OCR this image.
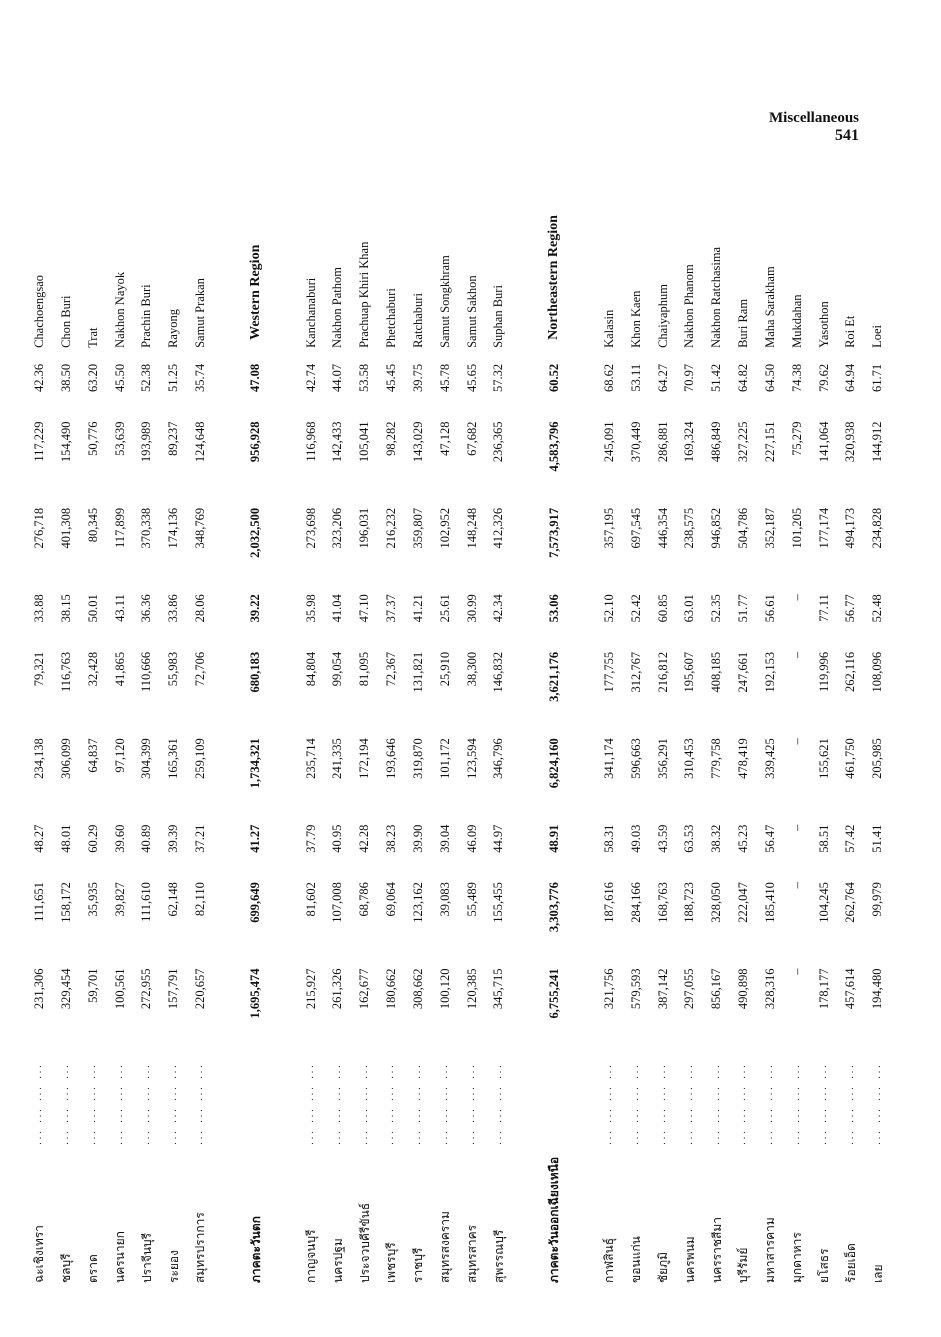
Miscellaneous
541
ฉะเชิงเทรา	... ... ... ...	231,306	111,651	48.27	234,138	79,321	33.88	276,718	117,229	42.36	Chachoengsao
ชลบุรี	... ... ... ...	329,454	158,172	48.01	306,099	116,763	38.15	401,308	154,490	38.50	Chon Buri
ตราด	... ... ... ...	59,701	35,935	60.29	64,837	32,428	50.01	80,345	50,776	63.20	Trat
นครนายก	... ... ... ...	100,561	39,827	39.60	97,120	41,865	43.11	117,899	53,639	45.50	Nakhon Nayok
ปราจีนบุรี	... ... ... ...	272,955	111,610	40.89	304,399	110,666	36.36	370,338	193,989	52.38	Prachin Buri
ระยอง	... ... ... ...	157,791	62,148	39.39	165,361	55,983	33.86	174,136	89,237	51.25	Rayong
สมุทรปราการ	... ... ... ...	220,657	82,110	37.21	259,109	72,706	28.06	348,769	124,648	35.74	Samut Prakan

ภาคตะวันตก		1,695,474	699,649	41.27	1,734,321	680,183	39.22	2,032,500	956,928	47.08	Western Region

กาญจนบุรี	... ... ... ...	215,927	81,602	37.79	235,714	84,804	35.98	273,698	116,968	42.74	Kanchanaburi
นครปฐม	... ... ... ...	261,326	107,008	40.95	241,335	99,054	41.04	323,206	142,433	44.07	Nakhon Pathom
ประจวบคีรีขันธ์	... ... ... ...	162,677	68,786	42.28	172,194	81,095	47.10	196,031	105,041	53.58	Prachuap Khiri Khan
เพชรบุรี	... ... ... ...	180,662	69,064	38.23	193,646	72,367	37.37	216,232	98,282	45.45	Phetchaburi
ราชบุรี	... ... ... ...	308,662	123,162	39.90	319,870	131,821	41.21	359,807	143,029	39.75	Ratchaburi
สมุทรสงคราม	... ... ... ...	100,120	39,083	39.04	101,172	25,910	25.61	102,952	47,128	45.78	Samut Songkhram
สมุทรสาคร	... ... ... ...	120,385	55,489	46.09	123,594	38,300	30.99	148,248	67,682	45.65	Samut Sakhon
สุพรรณบุรี	... ... ... ...	345,715	155,455	44.97	346,796	146,832	42.34	412,326	236,365	57.32	Suphan Buri

ภาคตะวันออกเฉียงเหนือ		6,755,241	3,303,776	48.91	6,824,160	3,621,176	53.06	7,573,917	4,583,796	60.52	Northeastern Region

กาฬสินธุ์	... ... ... ...	321,756	187,616	58.31	341,174	177,755	52.10	357,195	245,091	68.62	Kalasin
ขอนแก่น	... ... ... ...	579,593	284,166	49.03	596,663	312,767	52.42	697,545	370,449	53.11	Khon Kaen
ชัยภูมิ	... ... ... ...	387,142	168,763	43.59	356,291	216,812	60.85	446,354	286,881	64.27	Chaiyaphum
นครพนม	... ... ... ...	297,055	188,723	63.53	310,453	195,607	63.01	238,575	169,324	70.97	Nakhon Phanom
นครราชสีมา	... ... ... ...	856,167	328,050	38.32	779,758	408,185	52.35	946,852	486,849	51.42	Nakhon Ratchasima
บุรีรัมย์	... ... ... ...	490,898	222,047	45.23	478,419	247,661	51.77	504,786	327,225	64.82	Buri Ram
มหาสารคาม	... ... ... ...	328,316	185,410	56.47	339,425	192,153	56.61	352,187	227,151	64.50	Maha Sarakham
มุกดาหาร	... ... ... ...	–	–	–	–	–	–	101,205	75,279	74.38	Mukdahan
ยโสธร	... ... ... ...	178,177	104,245	58.51	155,621	119,996	77.11	177,174	141,064	79.62	Yasothon
ร้อยเอ็ด	... ... ... ...	457,614	262,764	57.42	461,750	262,116	56.77	494,173	320,938	64.94	Roi Et
เลย	... ... ... ...	194,480	99,979	51.41	205,985	108,096	52.48	234,828	144,912	61.71	Loei
